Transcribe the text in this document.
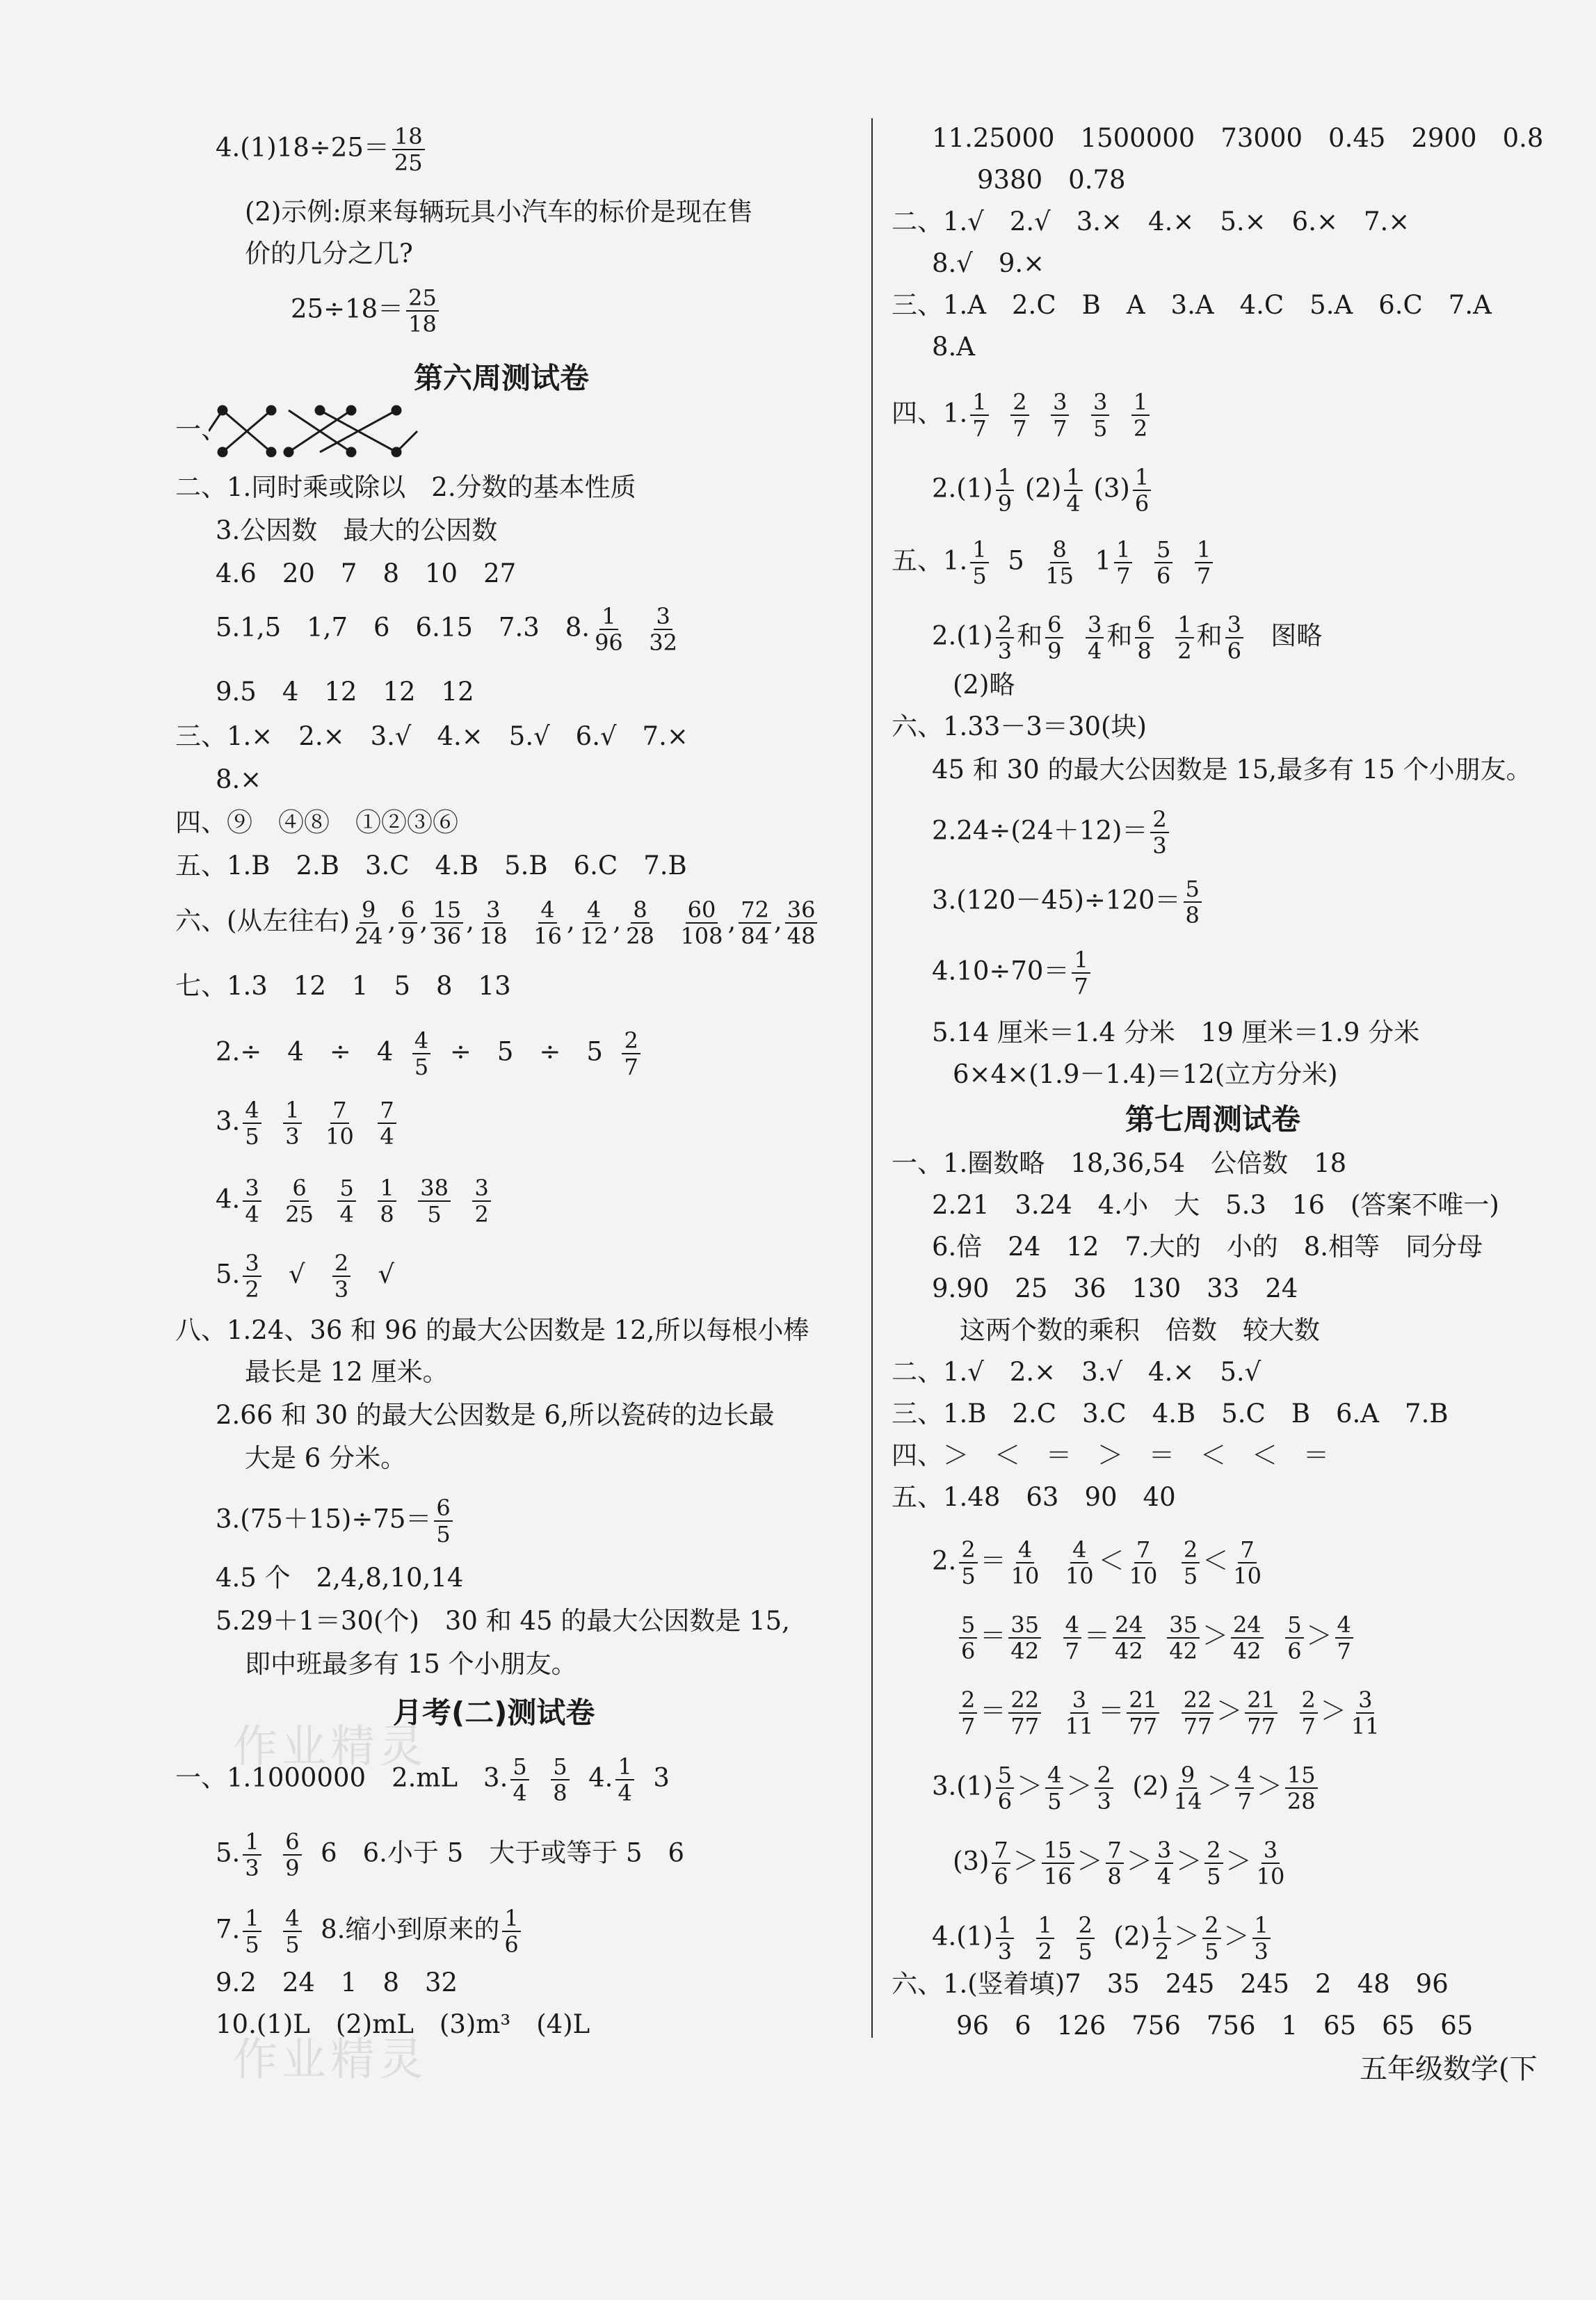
$4.(1)18\div 25= \frac{18}{25}$
(2)示例:原来每辆玩具小汽车的标价是现在售
价的几分之几?
$25\div 18= \frac{25}{18}$
第六周测试卷
一、
二、1.同时乘或除以　2.分数的基本性质
3.公因数　最大的公因数
4.6　20　7　8　10　27
5.1,5　1,7　6　6.15　7.3　8. $\frac{1}{96}$
$\frac{3}{32}$
9.5　4　12　12　12
三、1.×　2.×　3.√　4.×　5.√　6.√　7.×
8.×
四、⑨　④⑧　①②③⑥
五、1.B　2.B　3.C　4.B　5.B　6.C　7.B
六、(从左往右) $\frac{9}{24}$ , $\frac{6}{9}$ , $\frac{15}{36}$ , $\frac{3}{18}$
$\frac{4}{16}$ , $\frac{4}{12}$ , $\frac{8}{28}$
$\frac{60}{108}$ , $\frac{72}{84}$ , $\frac{36}{48}$
七、1.3　12　1　5　8　13
2.÷　4　÷　$4 \frac{4}{5}$ ÷　5　÷　$5 \frac{2}{7}$
3. $\frac{4}{5}$
$\frac{1}{3}$
$\frac{7}{10}$
$\frac{7}{4}$
4. $\frac{3}{4}$
$\frac{6}{25}$
$\frac{5}{4}$
$\frac{1}{8}$
$\frac{38}{5}$
$\frac{3}{2}$
5. $\frac{3}{2}$ √ $\frac{2}{3}$ √
八、1.24、36 和 96 的最大公因数是 12,所以每根小棒
最长是 12 厘米。
2.66 和 30 的最大公因数是 6,所以瓷砖的边长最
大是 6 分米。
$3.(75+15)\div 75= \frac{6}{5}$
4.5 个　2,4,8,10,14
5.29＋1＝30(个)　30 和 45 的最大公因数是 15,
即中班最多有 15 个小朋友。
月考(二)测试卷
一、1.1000000　2.mL　3. $\frac{5}{4}$
$\frac{5}{8} 4$. $\frac{1}{4} 3$
5. $\frac{1}{3}$
$\frac{6}{9} 6$　6.小于 5　大于或等于 5　6
7. $\frac{1}{5}$
$\frac{4}{5} 8$.缩小到原来的 $\frac{1}{6}$
9.2　24　1　8　32
10.(1)L　(2)mL　(3)m³　(4)L
作业精灵
作业精灵
11.25000　1500000　73000　0.45　2900　0.8
9380　0.78
二、1.√　2.√　3.×　4.×　5.×　6.×　7.×
8.√　9.×
三、1.A　2.C　B　A　3.A　4.C　5.A　6.C　7.A
8.A
四、1. $\frac{1}{7}$
$\frac{2}{7}$
$\frac{3}{7}$
$\frac{3}{5}$
$\frac{1}{2}$
$2.(1) \frac{1}{9} (2) \frac{1}{4} (3) \frac{1}{6}$
五、1. $\frac{1}{5} 5 \frac{8}{15} 1 \frac{1}{7}$
$\frac{5}{6}$
$\frac{1}{7}$
$2.(1) \frac{2}{3}$ 和 $\frac{6}{9}$
$\frac{3}{4}$ 和 $\frac{6}{8}$
$\frac{1}{2}$ 和 $\frac{3}{6}$ 图略
(2)略
六、1.33－3＝30(块)
45 和 30 的最大公因数是 15,最多有 15 个小朋友。
$2.24\div(24+12)= \frac{2}{3}$
$3.(120-45)\div 120= \frac{5}{8}$
$4.10\div 70= \frac{1}{7}$
5.14 厘米＝1.4 分米　19 厘米＝1.9 分米
6×4×(1.9－1.4)＝12(立方分米)
第七周测试卷
一、1.圈数略　18,36,54　公倍数　18
2.21　3.24　4.小　大　5.3　16　(答案不唯一)
6.倍　24　12　7.大的　小的　8.相等　同分母
9.90　25　36　130　33　24
这两个数的乘积　倍数　较大数
二、1.√　2.×　3.√　4.×　5.√
三、1.B　2.C　3.C　4.B　5.C　B　6.A　7.B
四、＞　＜　＝　＞　＝　＜　＜　＝
五、1.48　63　90　40
2. $\frac{2}{5} = \frac{4}{10}$
$\frac{4}{10} < \frac{7}{10}$
$\frac{2}{5} < \frac{7}{10}$
$\frac{5}{6} = \frac{35}{42}$
$\frac{4}{7} = \frac{24}{42}$
$\frac{35}{42} > \frac{24}{42}$
$\frac{5}{6} > \frac{4}{7}$
$\frac{2}{7} = \frac{22}{77}$
$\frac{3}{11} = \frac{21}{77}$
$\frac{22}{77} > \frac{21}{77}$
$\frac{2}{7} > \frac{3}{11}$
$3.(1) \frac{5}{6} > \frac{4}{5} > \frac{2}{3} (2) \frac{9}{14} > \frac{4}{7} > \frac{15}{28}$
$(3) \frac{7}{6} > \frac{15}{16} > \frac{7}{8} > \frac{3}{4} > \frac{2}{5} > \frac{3}{10}$
$4.(1) \frac{1}{3}$
$\frac{1}{2}$
$\frac{2}{5} (2) \frac{1}{2} > \frac{2}{5} > \frac{1}{3}$
六、1.(竖着填)7　35　245　245　2　48　96
96　6　126　756　756　1　65　65　65
五年级数学(下
